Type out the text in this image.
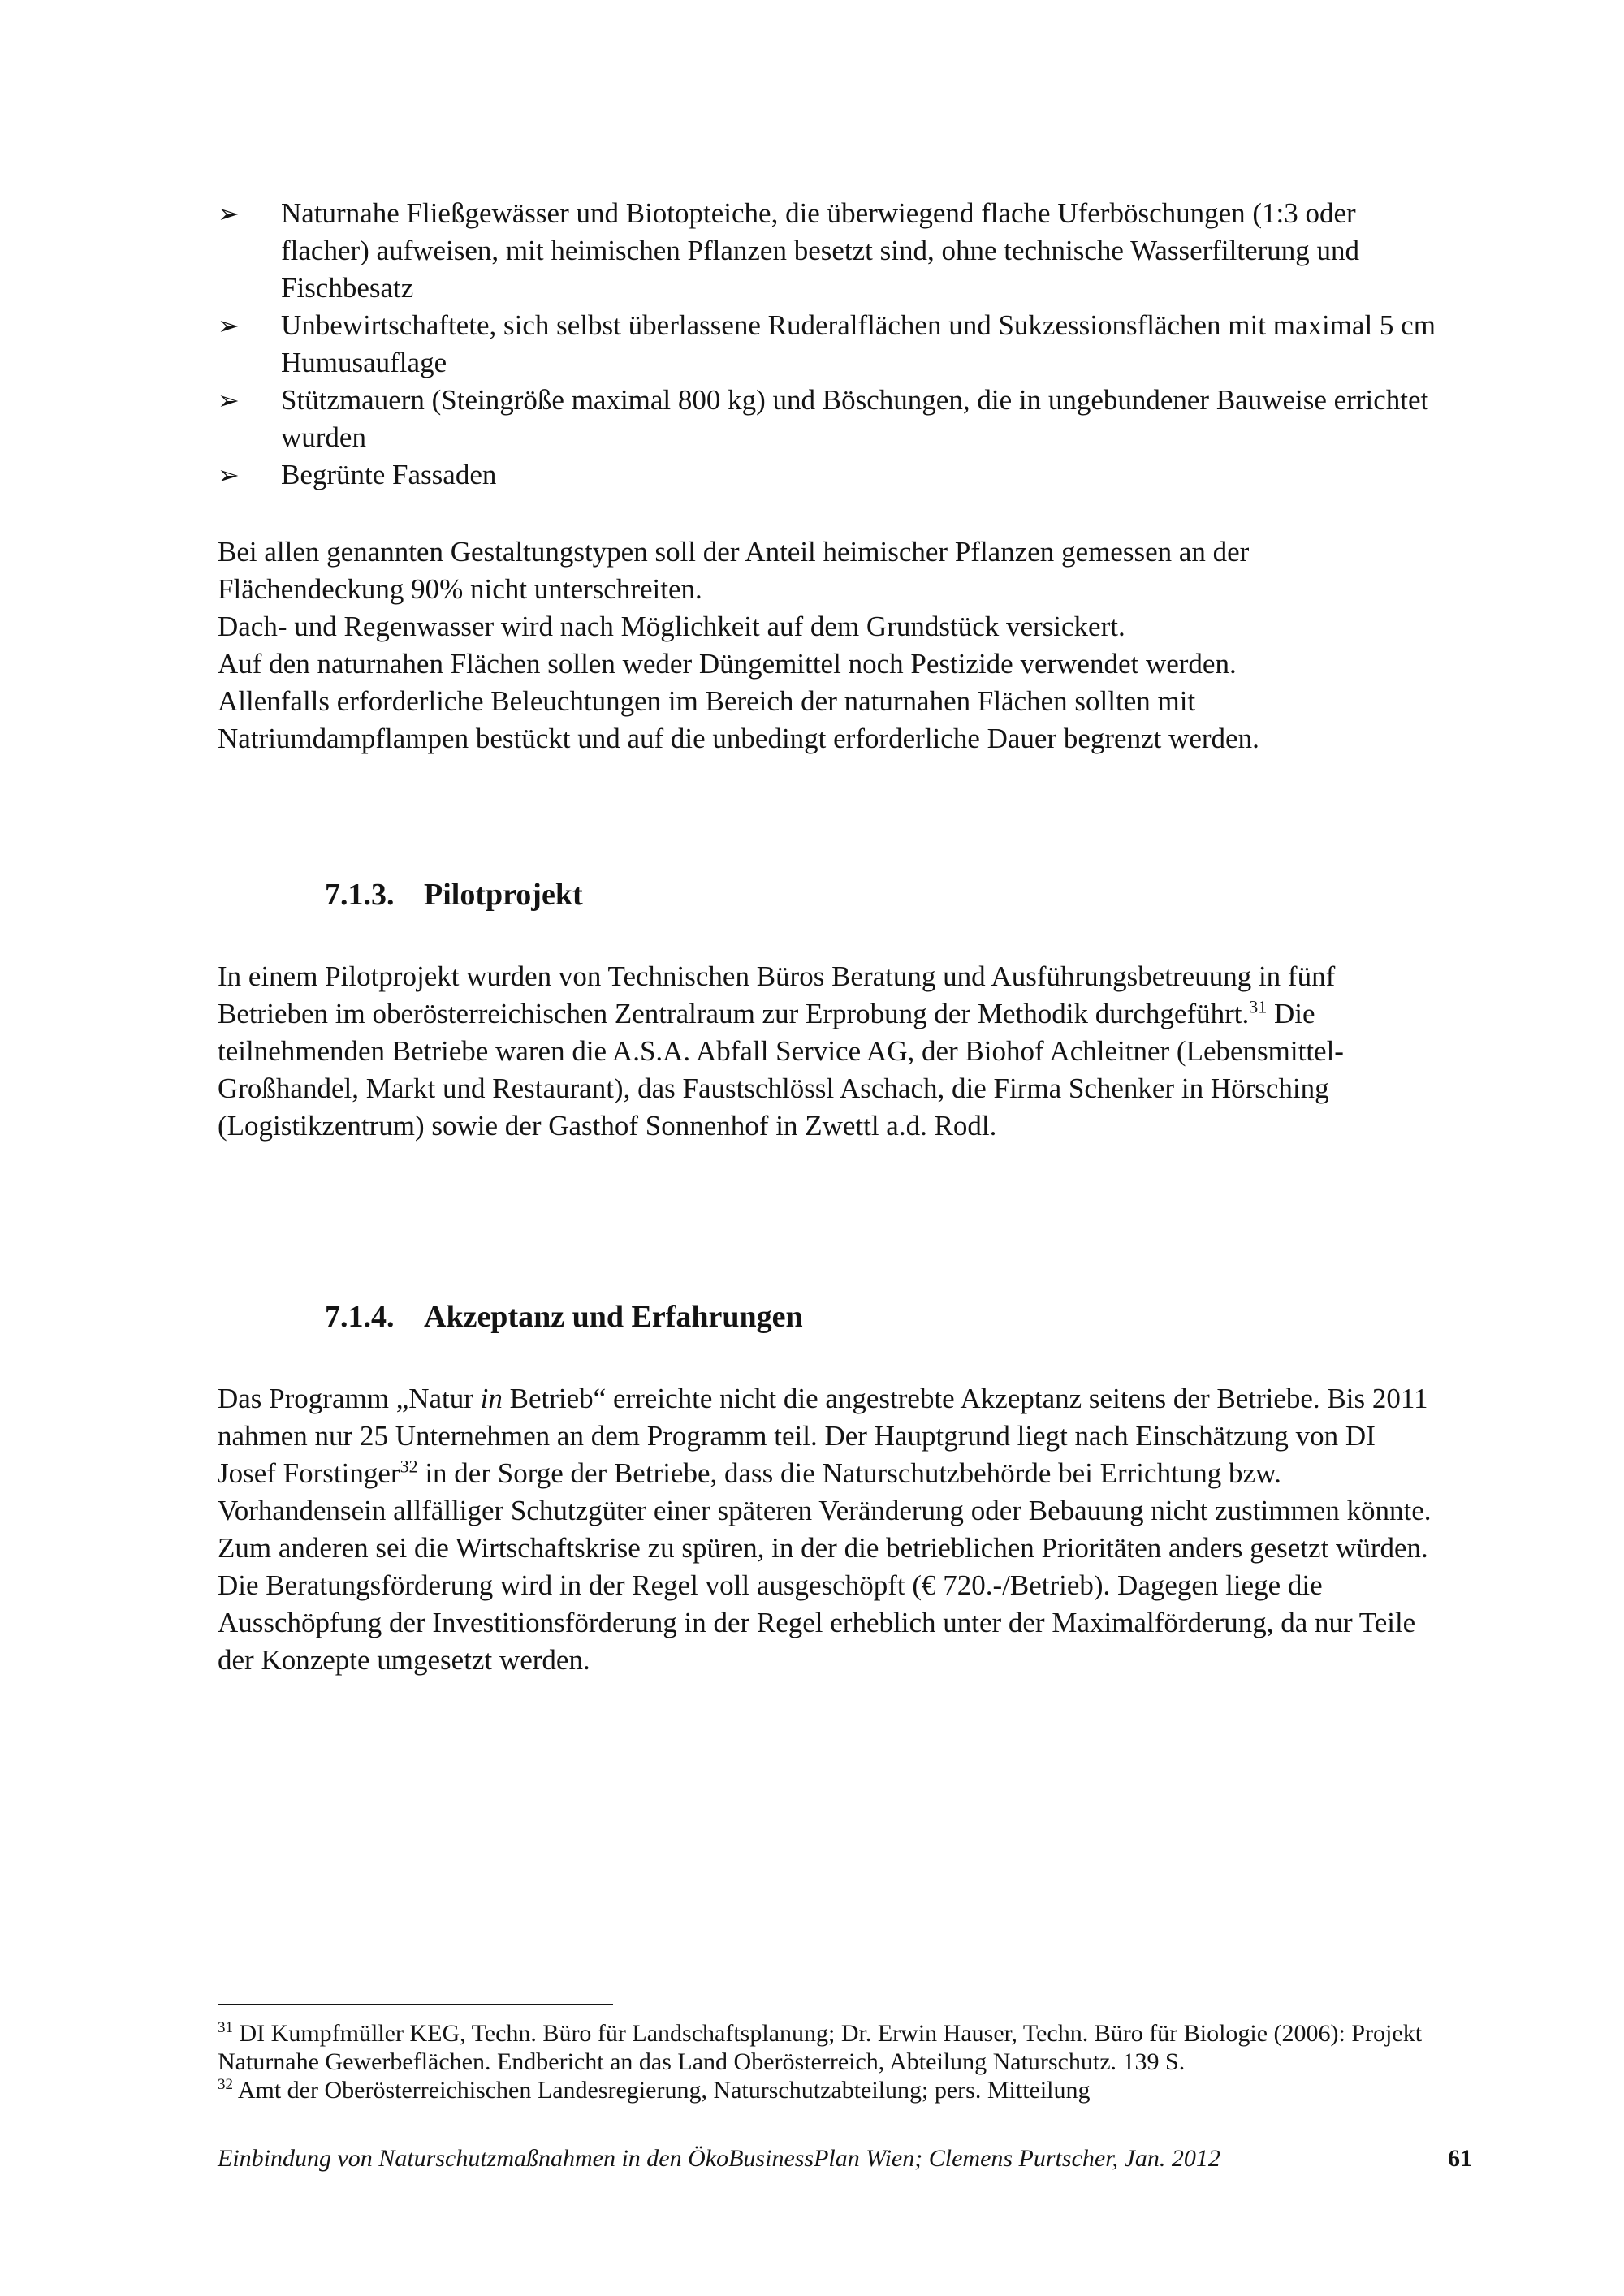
➢ Naturnahe Fließgewässer und Biotopteiche, die überwiegend flache Uferböschungen (1:3 oder flacher) aufweisen, mit heimischen Pflanzen besetzt sind, ohne technische Wasserfilterung und Fischbesatz
➢ Unbewirtschaftete, sich selbst überlassene Ruderalflächen und Sukzessionsflächen mit maximal 5 cm Humusauflage
➢ Stützmauern (Steingröße maximal 800 kg) und Böschungen, die in ungebundener Bauweise errichtet wurden
➢ Begrünte Fassaden

Bei allen genannten Gestaltungstypen soll der Anteil heimischer Pflanzen gemessen an der Flächendeckung 90% nicht unterschreiten.

Dach- und Regenwasser wird nach Möglichkeit auf dem Grundstück versickert.

Auf den naturnahen Flächen sollen weder Düngemittel noch Pestizide verwendet werden.

Allenfalls erforderliche Beleuchtungen im Bereich der naturnahen Flächen sollten mit Natriumdampflampen bestückt und auf die unbedingt erforderliche Dauer begrenzt werden.

7.1.3. Pilotprojekt

In einem Pilotprojekt wurden von Technischen Büros Beratung und Ausführungsbetreuung in fünf Betrieben im oberösterreichischen Zentralraum zur Erprobung der Methodik durchgeführt.$^{31}$ Die teilnehmenden Betriebe waren die A.S.A. Abfall Service AG, der Biohof Achleitner (Lebensmittel-Großhandel, Markt und Restaurant), das Faustschlössl Aschach, die Firma Schenker in Hörsching (Logistikzentrum) sowie der Gasthof Sonnenhof in Zwettl a.d. Rodl.

7.1.4. Akzeptanz und Erfahrungen

Das Programm „Natur in Betrieb“ erreichte nicht die angestrebte Akzeptanz seitens der Betriebe. Bis 2011 nahmen nur 25 Unternehmen an dem Programm teil. Der Hauptgrund liegt nach Einschätzung von DI Josef Forstinger$^{32}$ in der Sorge der Betriebe, dass die Naturschutzbehörde bei Errichtung bzw. Vorhandensein allfälliger Schutzgüter einer späteren Veränderung oder Bebauung nicht zustimmen könnte. Zum anderen sei die Wirtschaftskrise zu spüren, in der die betrieblichen Prioritäten anders gesetzt würden. Die Beratungsförderung wird in der Regel voll ausgeschöpft (€ 720.-/Betrieb). Dagegen liege die Ausschöpfung der Investitionsförderung in der Regel erheblich unter der Maximalförderung, da nur Teile der Konzepte umgesetzt werden.

$^{31}$ DI Kumpfmüller KEG, Techn. Büro für Landschaftsplanung; Dr. Erwin Hauser, Techn. Büro für Biologie (2006): Projekt Naturnahe Gewerbeflächen. Endbericht an das Land Oberösterreich, Abteilung Naturschutz. 139 S.

$^{32}$ Amt der Oberösterreichischen Landesregierung, Naturschutzabteilung; pers. Mitteilung

Einbindung von Naturschutzmaßnahmen in den ÖkoBusinessPlan Wien; Clemens Purtscher, Jan. 2012	61
